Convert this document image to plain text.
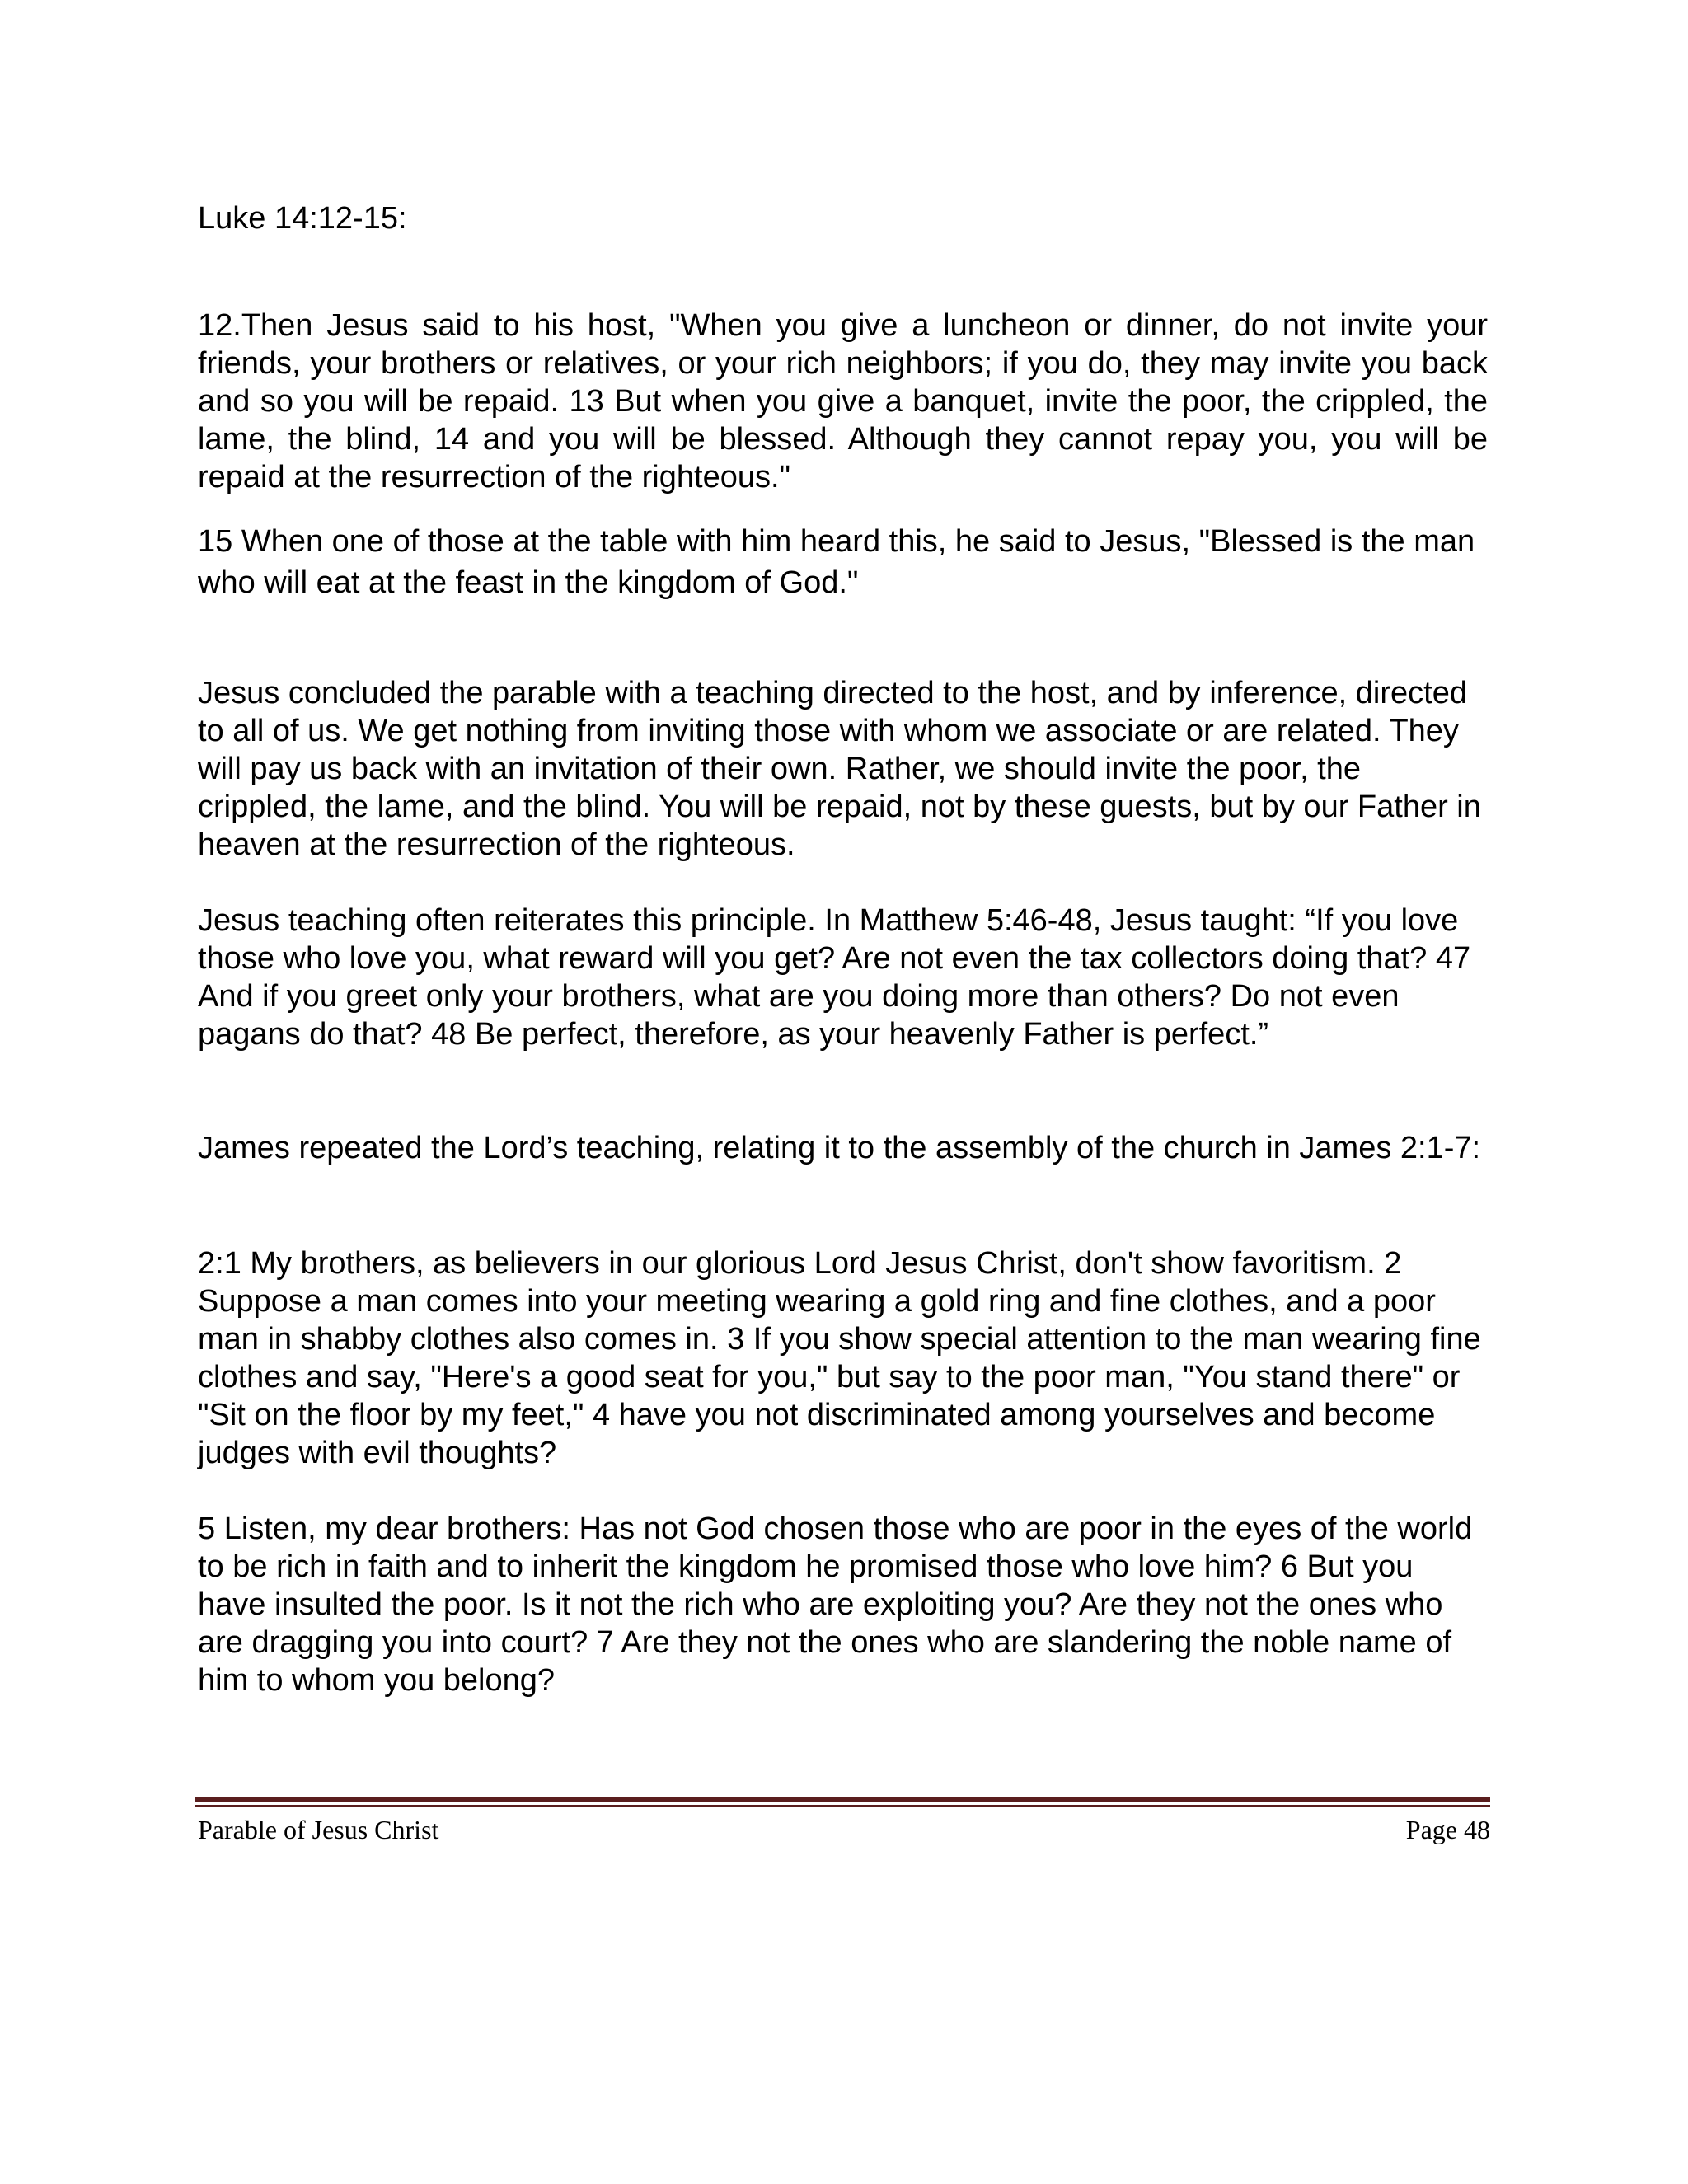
Luke 14:12-15:

12.Then Jesus said to his host, "When you give a luncheon or dinner, do not invite your friends, your brothers or relatives, or your rich neighbors; if you do, they may invite you back and so you will be repaid. 13 But when you give a banquet, invite the poor, the crippled, the lame, the blind, 14 and you will be blessed. Although they cannot repay you, you will be repaid at the resurrection of the righteous."

15 When one of those at the table with him heard this, he said to Jesus, "Blessed is the man who will eat at the feast in the kingdom of God."

Jesus concluded the parable with a teaching directed to the host, and by inference, directed to all of us. We get nothing from inviting those with whom we associate or are related. They will pay us back with an invitation of their own. Rather, we should invite the poor, the crippled, the lame, and the blind. You will be repaid, not by these guests, but by our Father in heaven at the resurrection of the righteous.

Jesus teaching often reiterates this principle. In Matthew 5:46-48, Jesus taught: “If you love those who love you, what reward will you get? Are not even the tax collectors doing that? 47 And if you greet only your brothers, what are you doing more than others? Do not even pagans do that? 48 Be perfect, therefore, as your heavenly Father is perfect.”

James repeated the Lord’s teaching, relating it to the assembly of the church in James 2:1-7:

2:1 My brothers, as believers in our glorious Lord Jesus Christ, don't show favoritism. 2 Suppose a man comes into your meeting wearing a gold ring and fine clothes, and a poor man in shabby clothes also comes in. 3 If you show special attention to the man wearing fine clothes and say, "Here's a good seat for you," but say to the poor man, "You stand there" or "Sit on the floor by my feet," 4 have you not discriminated among yourselves and become judges with evil thoughts?

5 Listen, my dear brothers: Has not God chosen those who are poor in the eyes of the world to be rich in faith and to inherit the kingdom he promised those who love him? 6 But you have insulted the poor. Is it not the rich who are exploiting you? Are they not the ones who are dragging you into court? 7 Are they not the ones who are slandering the noble name of him to whom you belong?

Parable of Jesus Christ	Page 48
